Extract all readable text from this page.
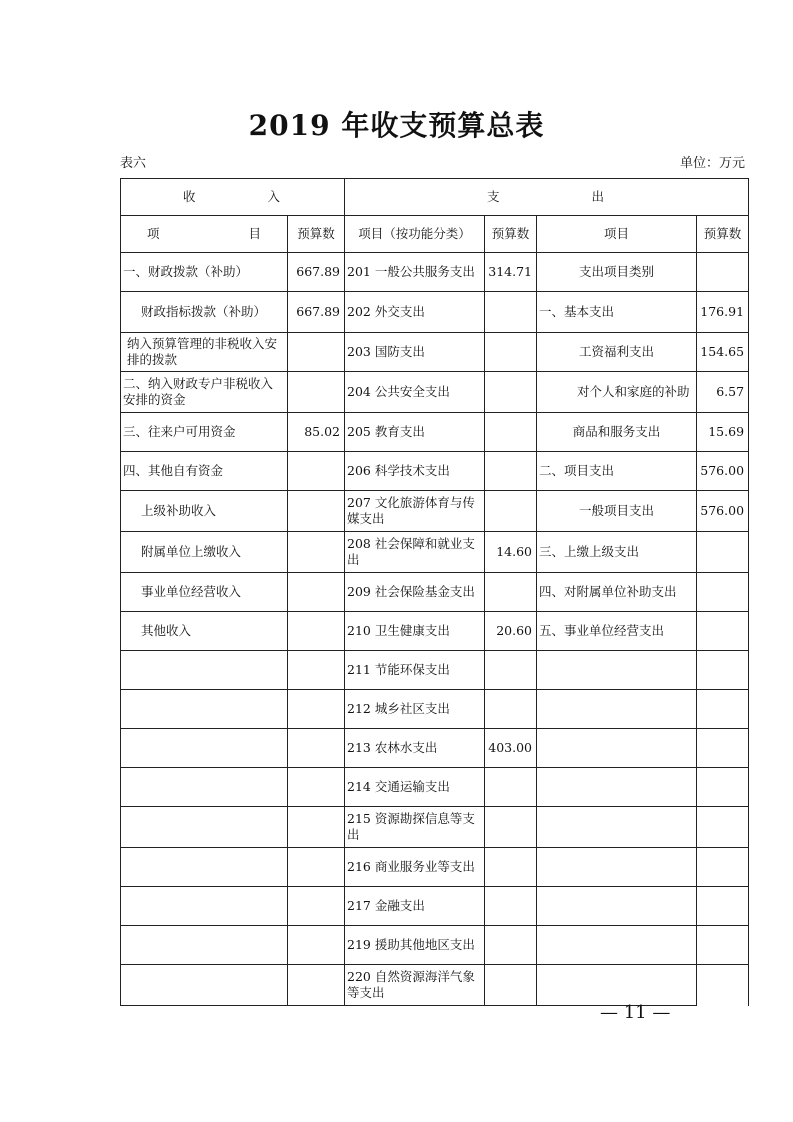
2019 年收支预算总表
表六	单位：万元
收 入		支 出			

项 目	预算数	项目（按功能分类）	预算数	项目	预算数
一、财政拨款（补助）	667.89	201 一般公共服务支出	314.71	支出项目类别	
财政指标拨款（补助）	667.89	202 外交支出		一、基本支出	176.91
纳入预算管理的非税收入安排的拨款		203 国防支出		工资福利支出	154.65
二、纳入财政专户非税收入安排的资金		204 公共安全支出		对个人和家庭的补助	6.57
三、往来户可用资金	85.02	205 教育支出		商品和服务支出	15.69
四、其他自有资金		206 科学技术支出		二、项目支出	576.00
上级补助收入		207 文化旅游体育与传媒支出		一般项目支出	576.00
附属单位上缴收入		208 社会保障和就业支出	14.60	三、上缴上级支出	
事业单位经营收入		209 社会保险基金支出		四、对附属单位补助支出	
其他收入		210 卫生健康支出	20.60	五、事业单位经营支出	
		211 节能环保支出			
		212 城乡社区支出			
		213 农林水支出	403.00		
		214 交通运输支出			
		215 资源勘探信息等支出			
		216 商业服务业等支出			
		217 金融支出			
		219 援助其他地区支出			
		220 自然资源海洋气象等支出			
— 11 —
